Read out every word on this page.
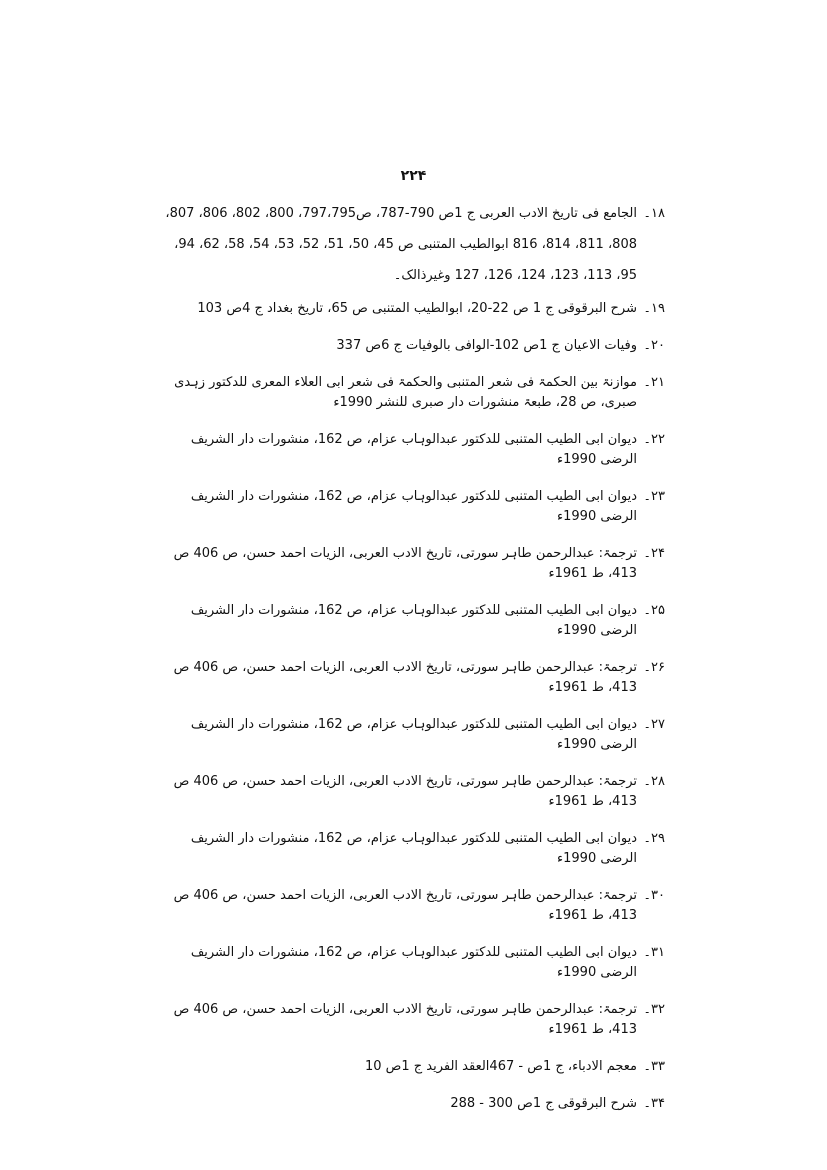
۲۲۴
۱۸۔
الجامع فی تاریخ الادب العربی ج 1ص 790-787، ص797،795، 800، 802، 806، 807، 808، 811، 814، 816 ابوالطیب المتنبی ص 45، 50، 51، 52، 53، 54، 58، 62، 94، 95، 113، 123، 124، 126، 127 وغیرذالک۔
۱۹۔
شرح البرقوقی ج 1 ص 22-20، ابوالطیب المتنبی ص 65، تاریخ بغداد ج 4ص 103
۲۰۔
وفیات الاعیان ج 1ص 102-الوافی بالوفیات ج 6ص 337
۲۱۔
موازنۃ بین الحکمۃ فی شعر المتنبی والحکمۃ فی شعر ابی العلاء المعری للدکتور زہدی صبری، ص 28، طبعۃ منشورات دار صبری للنشر 1990ء
۲۲۔
دیوان ابی الطیب المتنبی للدکتور عبدالوہاب عزام، ص 162، منشورات دار الشریف الرضی 1990ء
۲۳۔
دیوان ابی الطیب المتنبی للدکتور عبدالوہاب عزام، ص 162، منشورات دار الشریف الرضی 1990ء
۲۴۔
ترجمۃ: عبدالرحمن طاہر سورتی، تاریخ الادب العربی، الزیات احمد حسن، ص 406 ص 413، ط 1961ء
۲۵۔
دیوان ابی الطیب المتنبی للدکتور عبدالوہاب عزام، ص 162، منشورات دار الشریف الرضی 1990ء
۲۶۔
ترجمۃ: عبدالرحمن طاہر سورتی، تاریخ الادب العربی، الزیات احمد حسن، ص 406 ص 413، ط 1961ء
۲۷۔
دیوان ابی الطیب المتنبی للدکتور عبدالوہاب عزام، ص 162، منشورات دار الشریف الرضی 1990ء
۲۸۔
ترجمۃ: عبدالرحمن طاہر سورتی، تاریخ الادب العربی، الزیات احمد حسن، ص 406 ص 413، ط 1961ء
۲۹۔
دیوان ابی الطیب المتنبی للدکتور عبدالوہاب عزام، ص 162، منشورات دار الشریف الرضی 1990ء
۳۰۔
ترجمۃ: عبدالرحمن طاہر سورتی، تاریخ الادب العربی، الزیات احمد حسن، ص 406 ص 413، ط 1961ء
۳۱۔
دیوان ابی الطیب المتنبی للدکتور عبدالوہاب عزام، ص 162، منشورات دار الشریف الرضی 1990ء
۳۲۔
ترجمۃ: عبدالرحمن طاہر سورتی، تاریخ الادب العربی، الزیات احمد حسن، ص 406 ص 413، ط 1961ء
۳۳۔
معجم الادباء، ج 1ص - 467العقد الفرید ج 1ص 10
۳۴۔
شرح البرقوقی ج 1ص 300 - 288
